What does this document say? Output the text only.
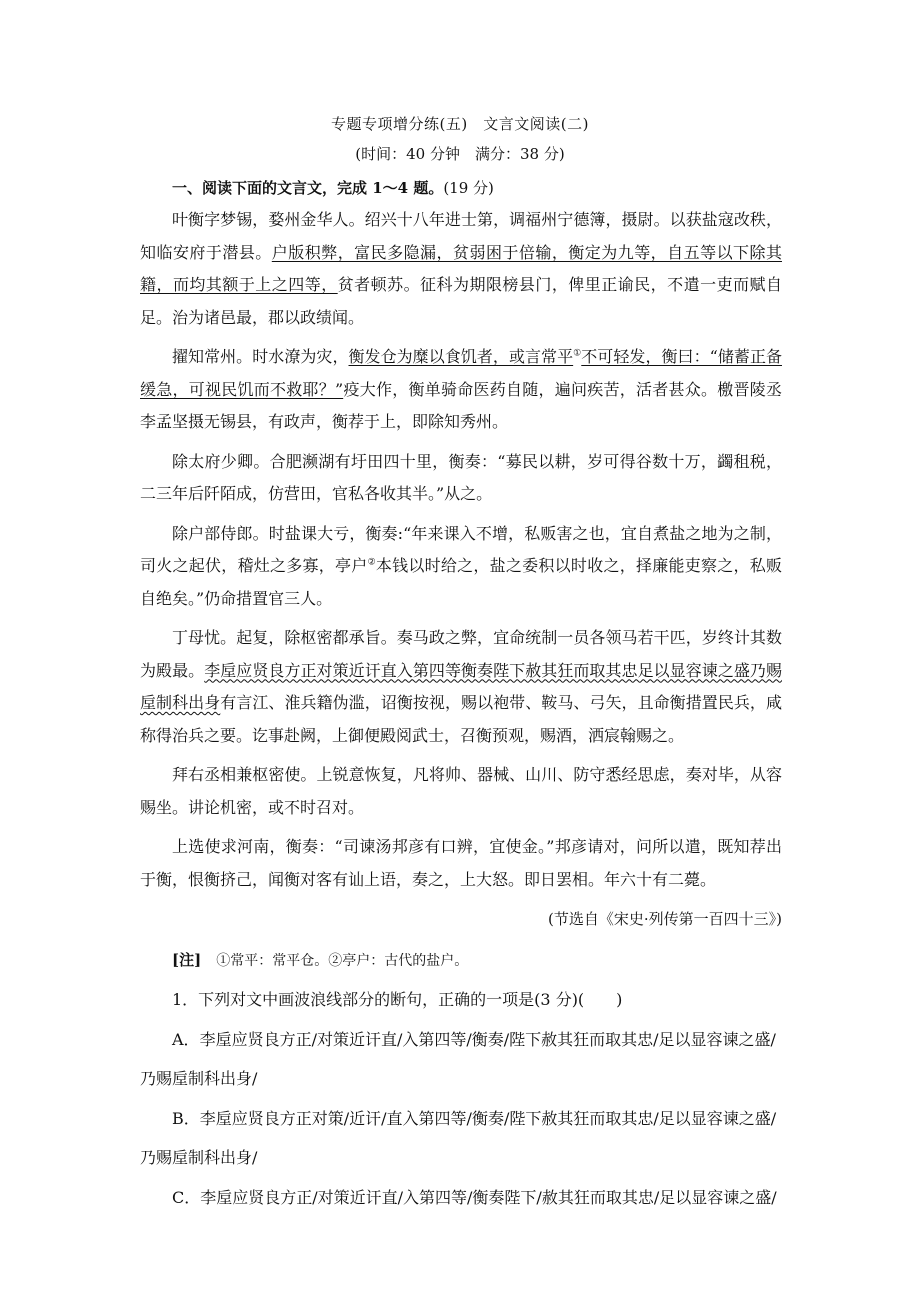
专题专项增分练(五)　文言文阅读(二)
(时间：40 分钟　满分：38 分)
一、阅读下面的文言文，完成 1～4 题。(19 分)

叶衡字梦锡，婺州金华人。绍兴十八年进士第，调福州宁德簿，摄尉。以获盐寇改秩，知临安府于潜县。户版积弊，富民多隐漏，贫弱困于倍输，衡定为九等，自五等以下除其籍，而均其额于上之四等，贫者顿苏。征科为期限榜县门，俾里正谕民，不遣一吏而赋自足。治为诸邑最，郡以政绩闻。

擢知常州。时水潦为灾，衡发仓为糜以食饥者，或言常平①不可轻发，衡曰：“储蓄正备缓急，可视民饥而不救耶？”疫大作，衡单骑命医药自随，遍问疾苦，活者甚众。檄晋陵丞李孟坚摄无锡县，有政声，衡荐于上，即除知秀州。

除太府少卿。合肥濒湖有圩田四十里，衡奏：“募民以耕，岁可得谷数十万，蠲租税，二三年后阡陌成，仿营田，官私各收其半。”从之。

除户部侍郎。时盐课大亏，衡奏:“年来课入不增，私贩害之也，宜自煮盐之地为之制，司火之起伏，稽灶之多寡，亭户②本钱以时给之，盐之委积以时收之，择廉能吏察之，私贩自绝矣。”仍命措置官三人。

丁母忧。起复，除枢密都承旨。奏马政之弊，宜命统制一员各领马若干匹，岁终计其数为殿最。李垕应贤良方正对策近讦直入第四等衡奏陛下赦其狂而取其忠足以显容谏之盛乃赐垕制科出身有言江、淮兵籍伪滥，诏衡按视，赐以袍带、鞍马、弓矢，且命衡措置民兵，咸称得治兵之要。讫事赴阙，上御便殿阅武士，召衡预观，赐酒，洒宸翰赐之。

拜右丞相兼枢密使。上锐意恢复，凡将帅、器械、山川、防守悉经思虑，奏对毕，从容赐坐。讲论机密，或不时召对。

上选使求河南，衡奏：“司谏汤邦彦有口辨，宜使金。”邦彦请对，问所以遣，既知荐出于衡，恨衡挤己，闻衡对客有讪上语，奏之，上大怒。即日罢相。年六十有二薨。

(节选自《宋史·列传第一百四十三》)

[注]　 ①常平：常平仓。②亭户：古代的盐户。

1．下列对文中画波浪线部分的断句，正确的一项是(3 分)(　　)

A．李垕应贤良方正/对策近讦直/入第四等/衡奏/陛下赦其狂而取其忠/足以显容谏之盛/

乃赐垕制科出身/

B．李垕应贤良方正对策/近讦/直入第四等/衡奏/陛下赦其狂而取其忠/足以显容谏之盛/

乃赐垕制科出身/

C．李垕应贤良方正/对策近讦直/入第四等/衡奏陛下/赦其狂而取其忠/足以显容谏之盛/
